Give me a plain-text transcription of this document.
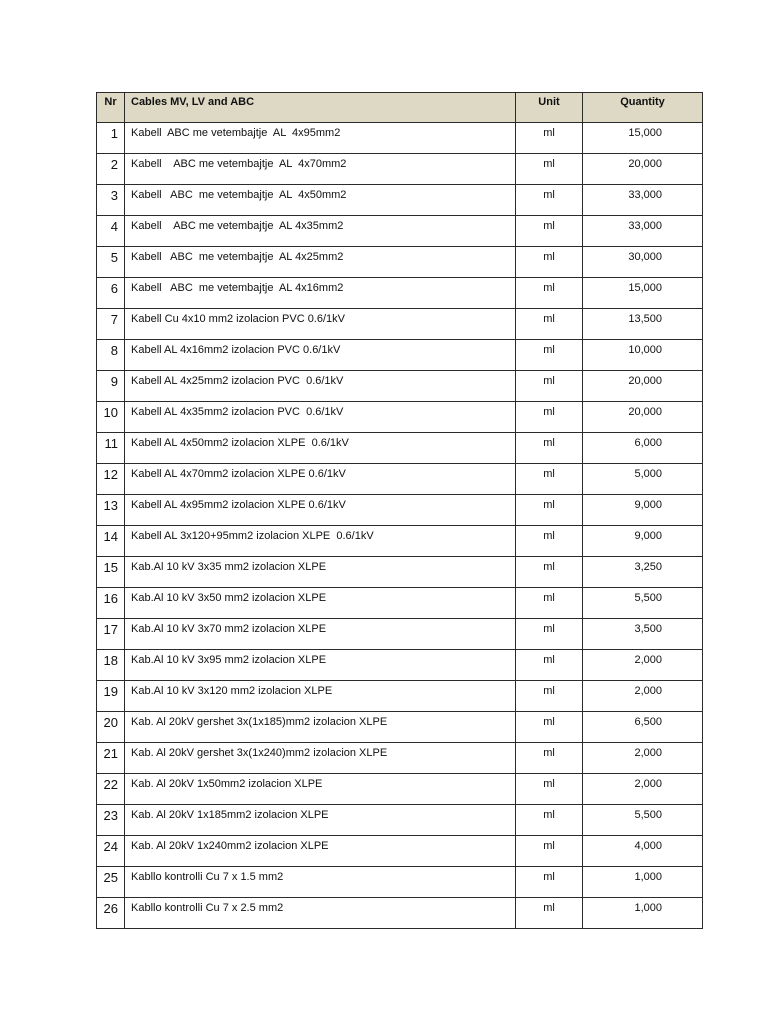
Nr	Cables MV, LV and ABC	Unit	Quantity
1	Kabell  ABC me vetembajtje  AL  4x95mm2	ml	15,000
2	Kabell    ABC me vetembajtje  AL  4x70mm2	ml	20,000
3	Kabell   ABC  me vetembajtje  AL  4x50mm2	ml	33,000
4	Kabell    ABC me vetembajtje  AL 4x35mm2	ml	33,000
5	Kabell   ABC  me vetembajtje  AL 4x25mm2	ml	30,000
6	Kabell   ABC  me vetembajtje  AL 4x16mm2	ml	15,000
7	Kabell Cu 4x10 mm2 izolacion PVC 0.6/1kV	ml	13,500
8	Kabell AL 4x16mm2 izolacion PVC 0.6/1kV	ml	10,000
9	Kabell AL 4x25mm2 izolacion PVC  0.6/1kV	ml	20,000
10	Kabell AL 4x35mm2 izolacion PVC  0.6/1kV	ml	20,000
11	Kabell AL 4x50mm2 izolacion XLPE  0.6/1kV	ml	6,000
12	Kabell AL 4x70mm2 izolacion XLPE 0.6/1kV	ml	5,000
13	Kabell AL 4x95mm2 izolacion XLPE 0.6/1kV	ml	9,000
14	Kabell AL 3x120+95mm2 izolacion XLPE  0.6/1kV	ml	9,000
15	Kab.Al 10 kV 3x35 mm2 izolacion XLPE	ml	3,250
16	Kab.Al 10 kV 3x50 mm2 izolacion XLPE	ml	5,500
17	Kab.Al 10 kV 3x70 mm2 izolacion XLPE	ml	3,500
18	Kab.Al 10 kV 3x95 mm2 izolacion XLPE	ml	2,000
19	Kab.Al 10 kV 3x120 mm2 izolacion XLPE	ml	2,000
20	Kab. Al 20kV gershet 3x(1x185)mm2 izolacion XLPE	ml	6,500
21	Kab. Al 20kV gershet 3x(1x240)mm2 izolacion XLPE	ml	2,000
22	Kab. Al 20kV 1x50mm2 izolacion XLPE	ml	2,000
23	Kab. Al 20kV 1x185mm2 izolacion XLPE	ml	5,500
24	Kab. Al 20kV 1x240mm2 izolacion XLPE	ml	4,000
25	Kabllo kontrolli Cu 7 x 1.5 mm2	ml	1,000
26	Kabllo kontrolli Cu 7 x 2.5 mm2	ml	1,000
